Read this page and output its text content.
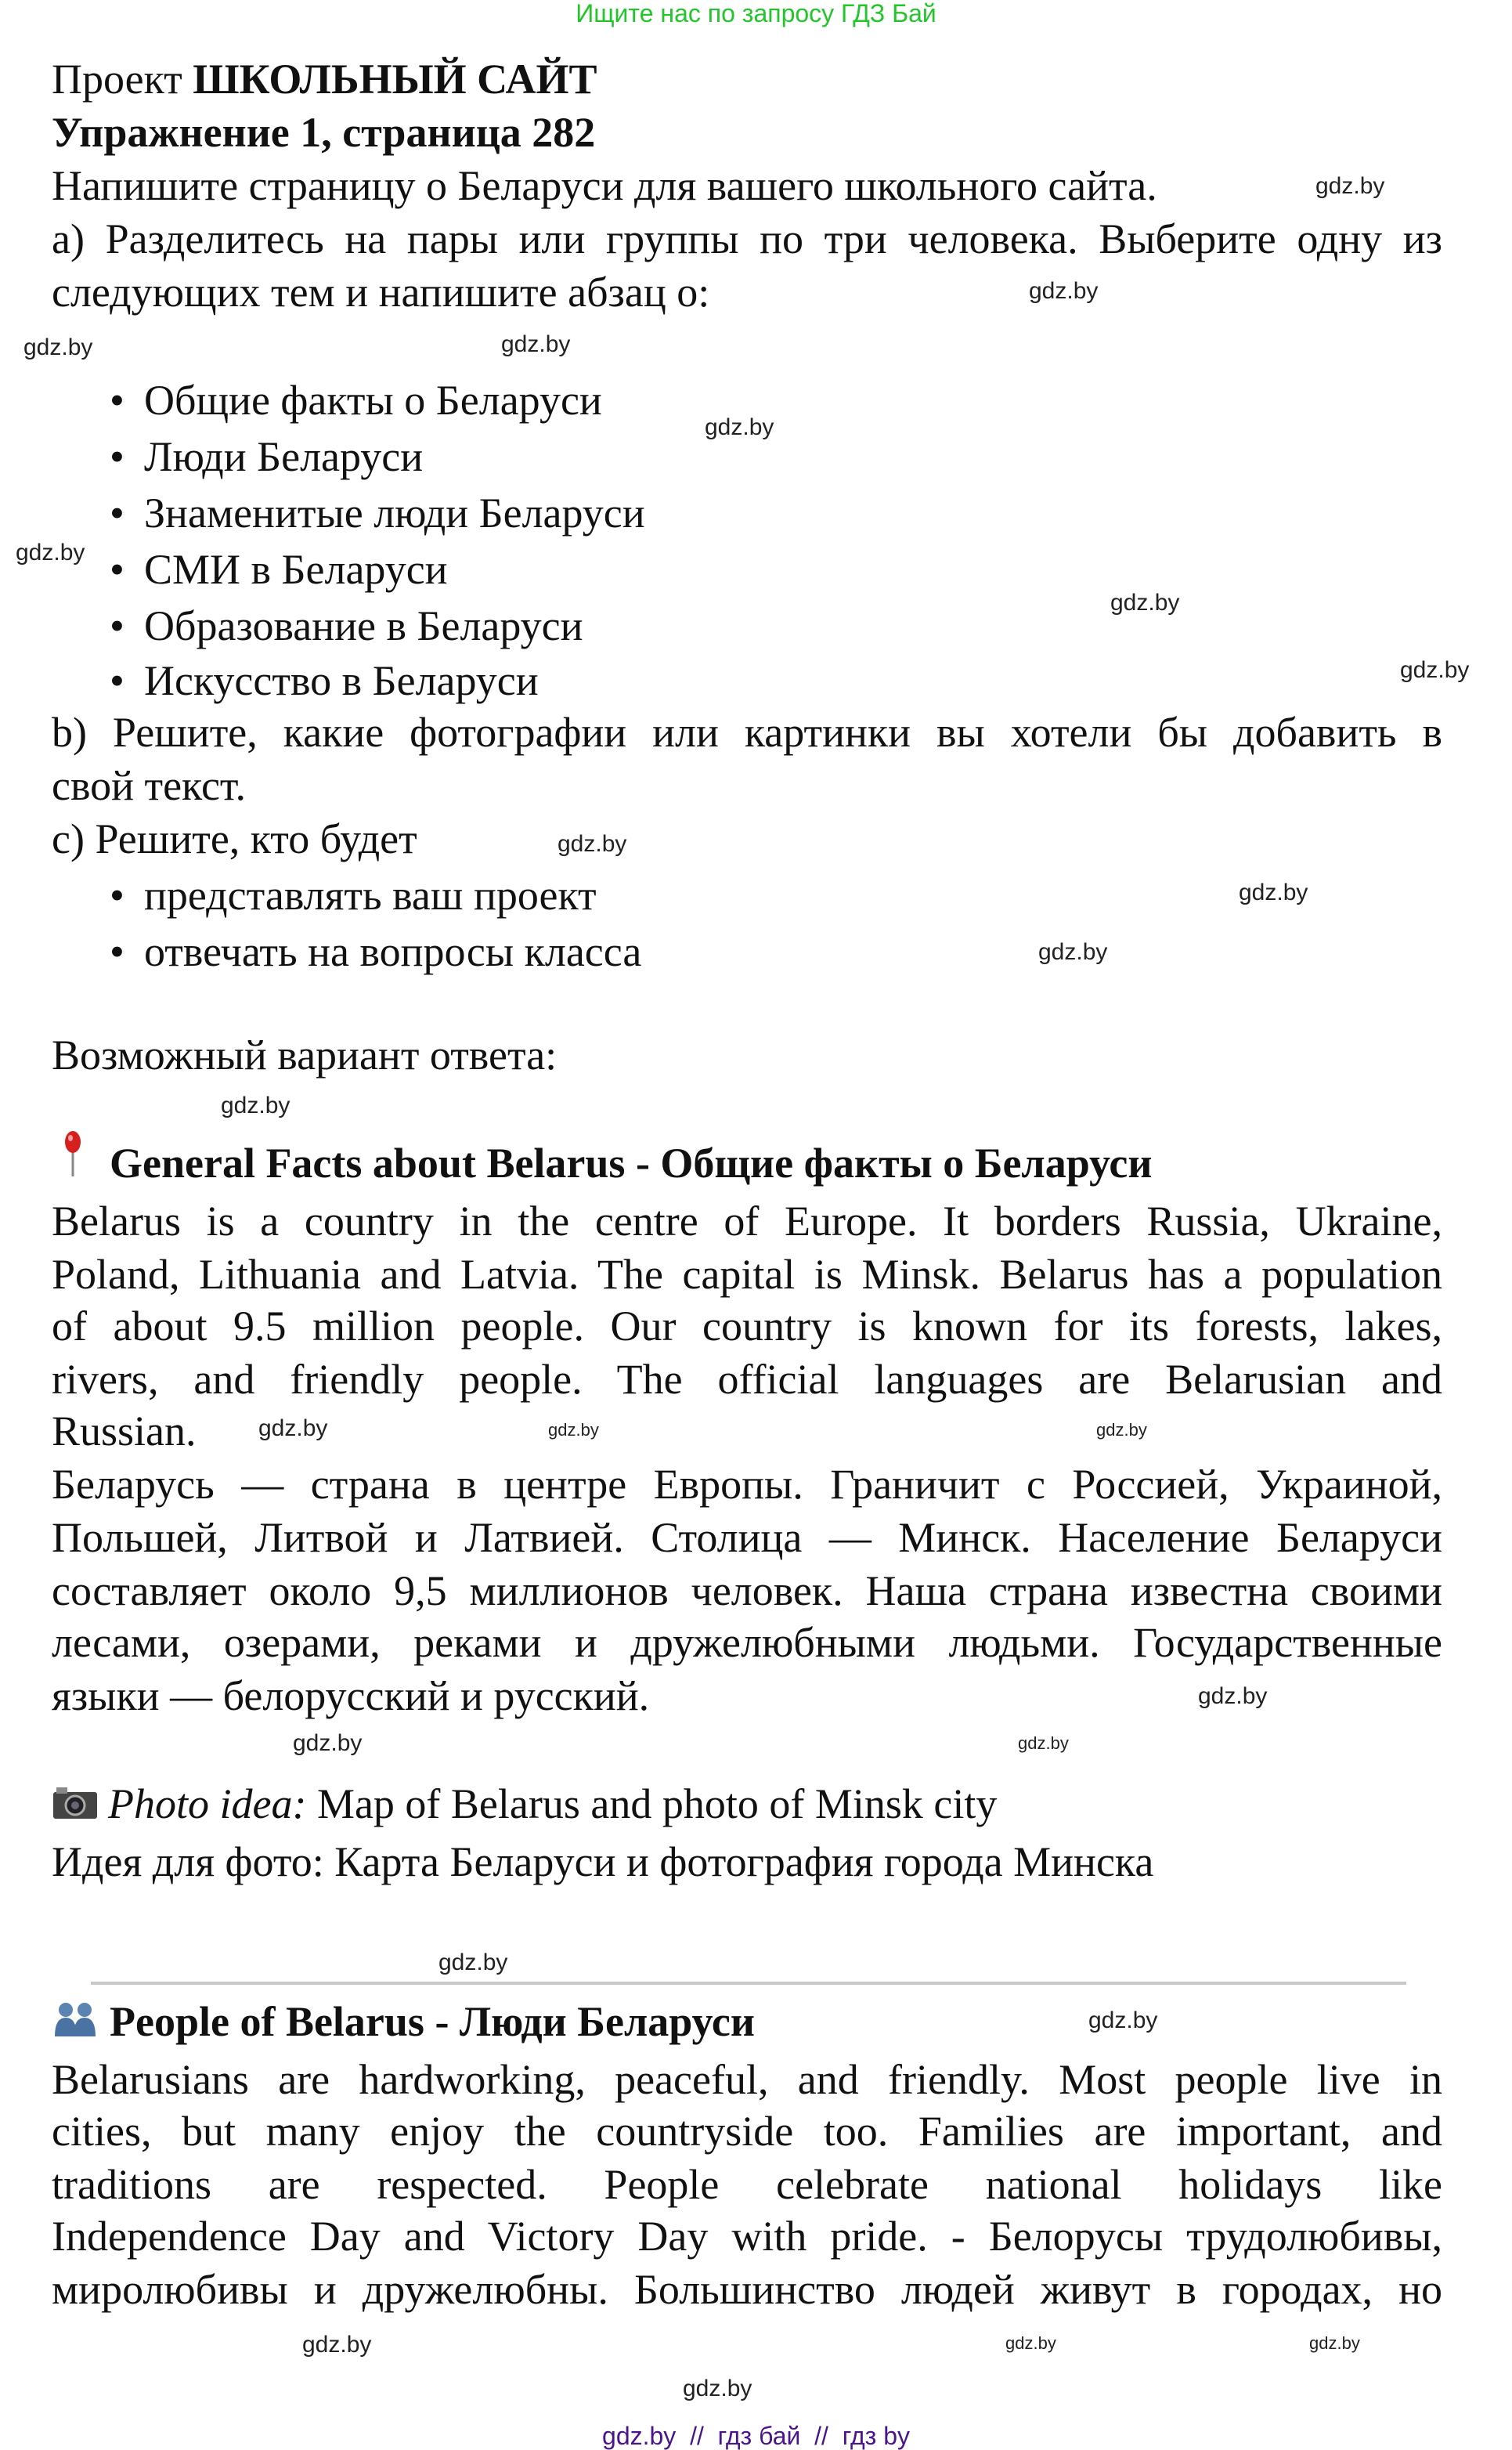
Ищите нас по запросу ГДЗ Бай
Проект ШКОЛЬНЫЙ САЙТ
Упражнение 1, страница 282
Напишите страницу о Беларуси для вашего школьного сайта.
a) Разделитесь на пары или группы по три человека. Выберите одну из
следующих тем и напишите абзац о:
• Общие факты о Беларуси
• Люди Беларуси
• Знаменитые люди Беларуси
• СМИ в Беларуси
• Образование в Беларуси
• Искусство в Беларуси
b) Решите, какие фотографии или картинки вы хотели бы добавить в
свой текст.
c) Решите, кто будет
• представлять ваш проект
• отвечать на вопросы класса
Возможный вариант ответа:
General Facts about Belarus - Общие факты о Беларуси
Belarus is a country in the centre of Europe. It borders Russia, Ukraine,
Poland, Lithuania and Latvia. The capital is Minsk. Belarus has a population
of about 9.5 million people. Our country is known for its forests, lakes,
rivers, and friendly people. The official languages are Belarusian and
Russian.
Беларусь — страна в центре Европы. Граничит с Россией, Украиной,
Польшей, Литвой и Латвией. Столица — Минск. Население Беларуси
составляет около 9,5 миллионов человек. Наша страна известна своими
лесами, озерами, реками и дружелюбными людьми. Государственные
языки — белорусский и русский.
Photo idea: Map of Belarus and photo of Minsk city
Идея для фото: Карта Беларуси и фотография города Минска
People of Belarus - Люди Беларуси
Belarusians are hardworking, peaceful, and friendly. Most people live in
cities, but many enjoy the countryside too. Families are important, and
traditions are respected. People celebrate national holidays like
Independence Day and Victory Day with pride. - Белорусы трудолюбивы,
миролюбивы и дружелюбны. Большинство людей живут в городах, но
gdz.by
gdz.by
gdz.by
gdz.by
gdz.by
gdz.by
gdz.by
gdz.by
gdz.by
gdz.by
gdz.by
gdz.by
gdz.by
gdz.by	gdz.by
gdz.by
gdz.by
gdz.by
gdz.by
gdz.by
gdz.by	gdz.by
gdz.by
gdz.by
gdz.by  //  гдз бай  //  гдз by
